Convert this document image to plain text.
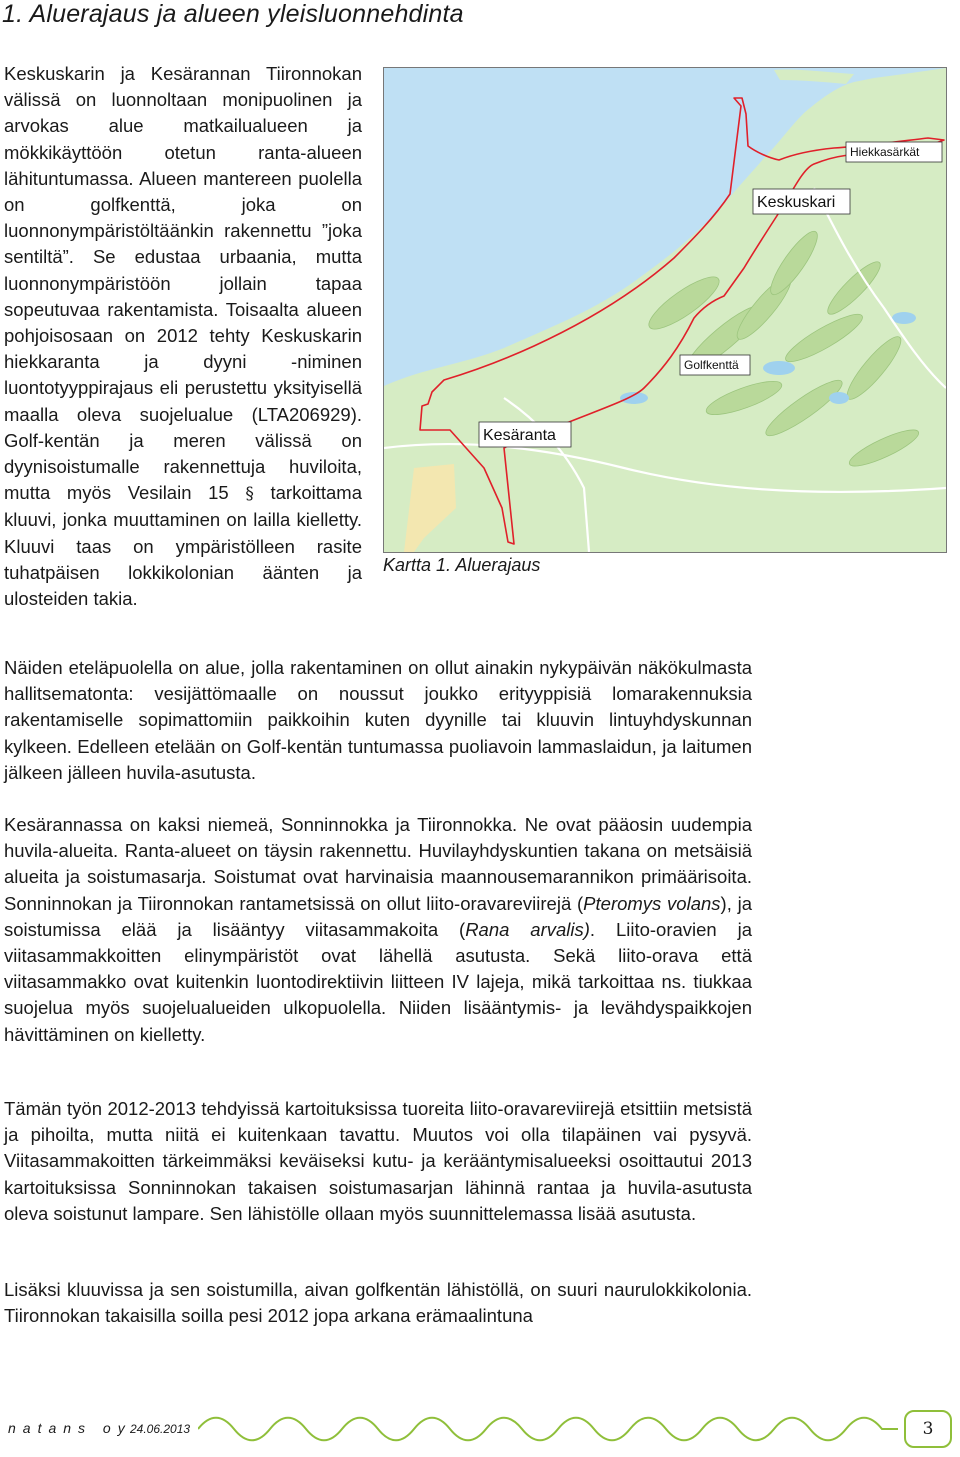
1. Aluerajaus ja alueen yleisluonnehdinta

Keskuskarin ja Kesärannan Tiironnokan välissä on luonnoltaan monipuolinen ja arvokas alue matkailualueen ja mökkikäyttöön otetun ranta-alueen lähituntumassa. Alueen mantereen puolella on golfkenttä, joka on luonnonympäristöltäänkin rakennettu ”joka sentiltä”. Se edustaa urbaania, mutta luonnonympäristöön jollain tapaa sopeutuvaa rakentamista. Toisaalta alueen pohjoisosaan on 2012 tehty Keskuskarin hiekkaranta ja dyyni -niminen luontotyyppirajaus eli perustettu yksityisellä maalla oleva suojelualue (LTA206929). Golf-kentän ja meren välissä on dyynisoistumalle rakennettuja huviloita, mutta myös Vesilain 15 § tarkoittama kluuvi, jonka muuttaminen on lailla kielletty. Kluuvi taas on ympäristölleen rasite tuhatpäisen lokkikolonian äänten ja ulosteiden takia.

Hiekkasärkät
Keskuskari
Golfkenttä
Kesäranta
Kartta 1. Aluerajaus

Näiden eteläpuolella on alue, jolla rakentaminen on ollut ainakin nykypäivän näkökulmasta hallitsematonta: vesijättömaalle on noussut joukko erityyppisiä lomarakennuksia rakentamiselle sopimattomiin paikkoihin kuten dyynille tai kluuvin lintuyhdyskunnan kylkeen. Edelleen etelään on Golf-kentän tuntumassa puoliavoin lammaslaidun, ja laitumen jälkeen jälleen huvila-asutusta.

Kesärannassa on kaksi niemeä, Sonninnokka ja Tiironnokka. Ne ovat pääosin uudempia huvila-alueita. Ranta-alueet on täysin rakennettu. Huvilayhdyskuntien takana on metsäisiä alueita ja soistumasarja. Soistumat ovat harvinaisia maannousemarannikon primäärisoita. Sonninnokan ja Tiironnokan rantametsissä on ollut liito-oravareviirejä (Pteromys volans), ja soistumissa elää ja lisääntyy viitasammakoita (Rana arvalis). Liito-oravien ja viitasammakkoitten elinympäristöt ovat lähellä asutusta. Sekä liito-orava että viitasammakko ovat kuitenkin luontodirektiivin liitteen IV lajeja, mikä tarkoittaa ns. tiukkaa suojelua myös suojelualueiden ulkopuolella. Niiden lisääntymis- ja levähdyspaikkojen hävittäminen on kielletty.

Tämän työn 2012-2013 tehdyissä kartoituksissa tuoreita liito-oravareviirejä etsittiin metsistä ja pihoilta, mutta niitä ei kuitenkaan tavattu. Muutos voi olla tilapäinen vai pysyvä. Viitasammakoitten tärkeimmäksi keväiseksi kutu- ja kerääntymisalueeksi osoittautui 2013 kartoituksissa Sonninnokan takaisen soistumasarjan lähinnä rantaa ja huvila-asutusta oleva soistunut lampare. Sen lähistölle ollaan myös suunnittelemassa lisää asutusta.

Lisäksi kluuvissa ja sen soistumilla, aivan golfkentän lähistöllä, on suuri naurulokkikolonia. Tiironnokan takaisilla soilla pesi 2012 jopa arkana erämaalintuna

natans oy
24.06.2013	3
